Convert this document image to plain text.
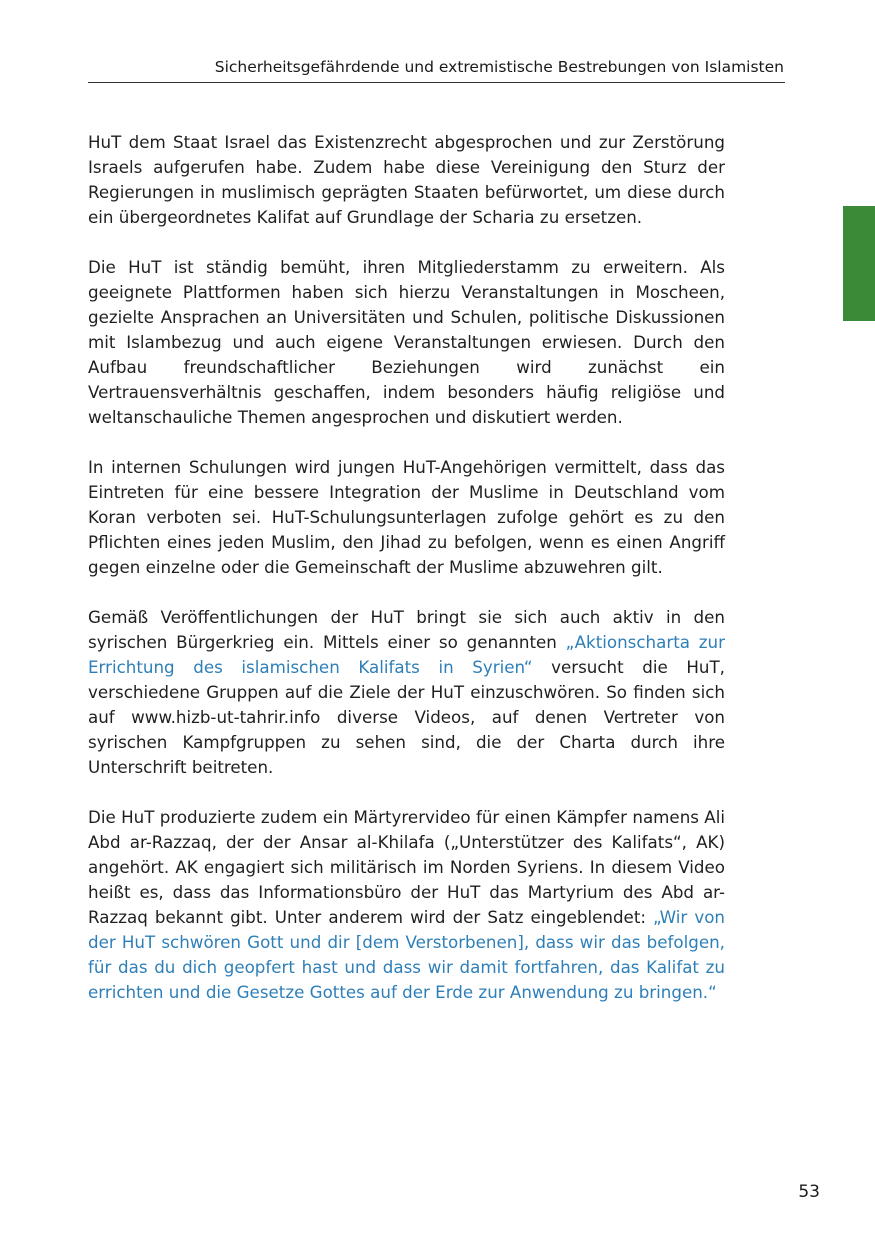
Sicherheitsgefährdende und extremistische Bestrebungen von Islamisten

HuT dem Staat Israel das Existenzrecht abgesprochen und zur Zerstörung Israels aufgerufen habe. Zudem habe diese Vereinigung den Sturz der Regierungen in muslimisch geprägten Staaten befürwortet, um diese durch ein übergeordnetes Kalifat auf Grundlage der Scharia zu ersetzen.

Die HuT ist ständig bemüht, ihren Mitgliederstamm zu erweitern. Als geeignete Plattformen haben sich hierzu Veranstaltungen in Moscheen, gezielte Ansprachen an Universitäten und Schulen, politische Diskussionen mit Islambezug und auch eigene Veranstaltungen erwiesen. Durch den Aufbau freundschaftlicher Beziehungen wird zunächst ein Vertrauensverhältnis geschaffen, indem besonders häufig religiöse und weltanschauliche Themen angesprochen und diskutiert werden.

In internen Schulungen wird jungen HuT-Angehörigen vermittelt, dass das Eintreten für eine bessere Integration der Muslime in Deutschland vom Koran verboten sei. HuT-Schulungsunterlagen zufolge gehört es zu den Pflichten eines jeden Muslim, den Jihad zu befolgen, wenn es einen Angriff gegen einzelne oder die Gemeinschaft der Muslime abzuwehren gilt.

Gemäß Veröffentlichungen der HuT bringt sie sich auch aktiv in den syrischen Bürgerkrieg ein. Mittels einer so genannten „Aktionscharta zur Errichtung des islamischen Kalifats in Syrien“ versucht die HuT, verschiedene Gruppen auf die Ziele der HuT einzuschwören. So finden sich auf www.hizb-ut-tahrir.info diverse Videos, auf denen Vertreter von syrischen Kampfgruppen zu sehen sind, die der Charta durch ihre Unterschrift beitreten.

Die HuT produzierte zudem ein Märtyrervideo für einen Kämpfer namens Ali Abd ar-Razzaq, der der Ansar al-Khilafa („Unterstützer des Kalifats“, AK) angehört. AK engagiert sich militärisch im Norden Syriens. In diesem Video heißt es, dass das Informationsbüro der HuT das Martyrium des Abd ar-Razzaq bekannt gibt. Unter anderem wird der Satz eingeblendet: „Wir von der HuT schwören Gott und dir [dem Verstorbenen], dass wir das befolgen, für das du dich geopfert hast und dass wir damit fortfahren, das Kalifat zu errichten und die Gesetze Gottes auf der Erde zur Anwendung zu bringen.“

53
